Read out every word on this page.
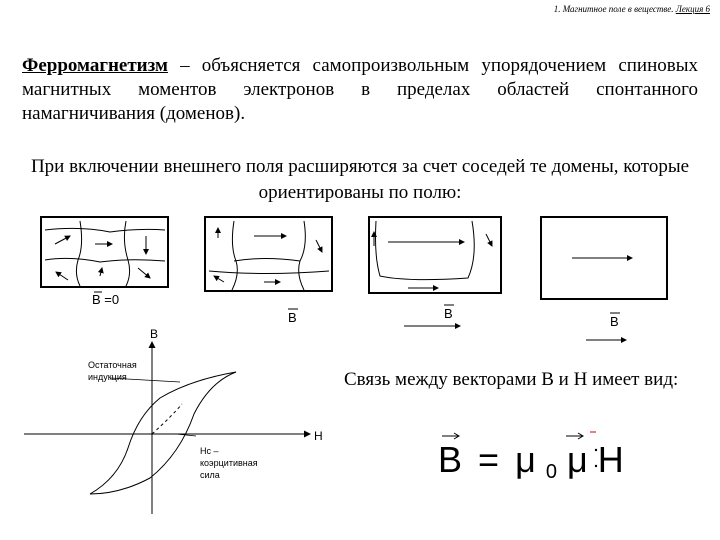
1. Магнитное поле в веществе. Лекция 6
Ферромагнетизм – объясняется самопроизвольным упорядочением спиновых магнитных моментов электронов в пределах областей спонтанного намагничивания (доменов).
При включении внешнего поля расширяются за счет соседей те домены, которые ориентированы по полю:
B =0
B	B
B
B
H
Остаточная
индукция
Hc –
коэрцитивная
сила
Связь между векторами В и Н имеет вид:
B = μ 0 μ H
